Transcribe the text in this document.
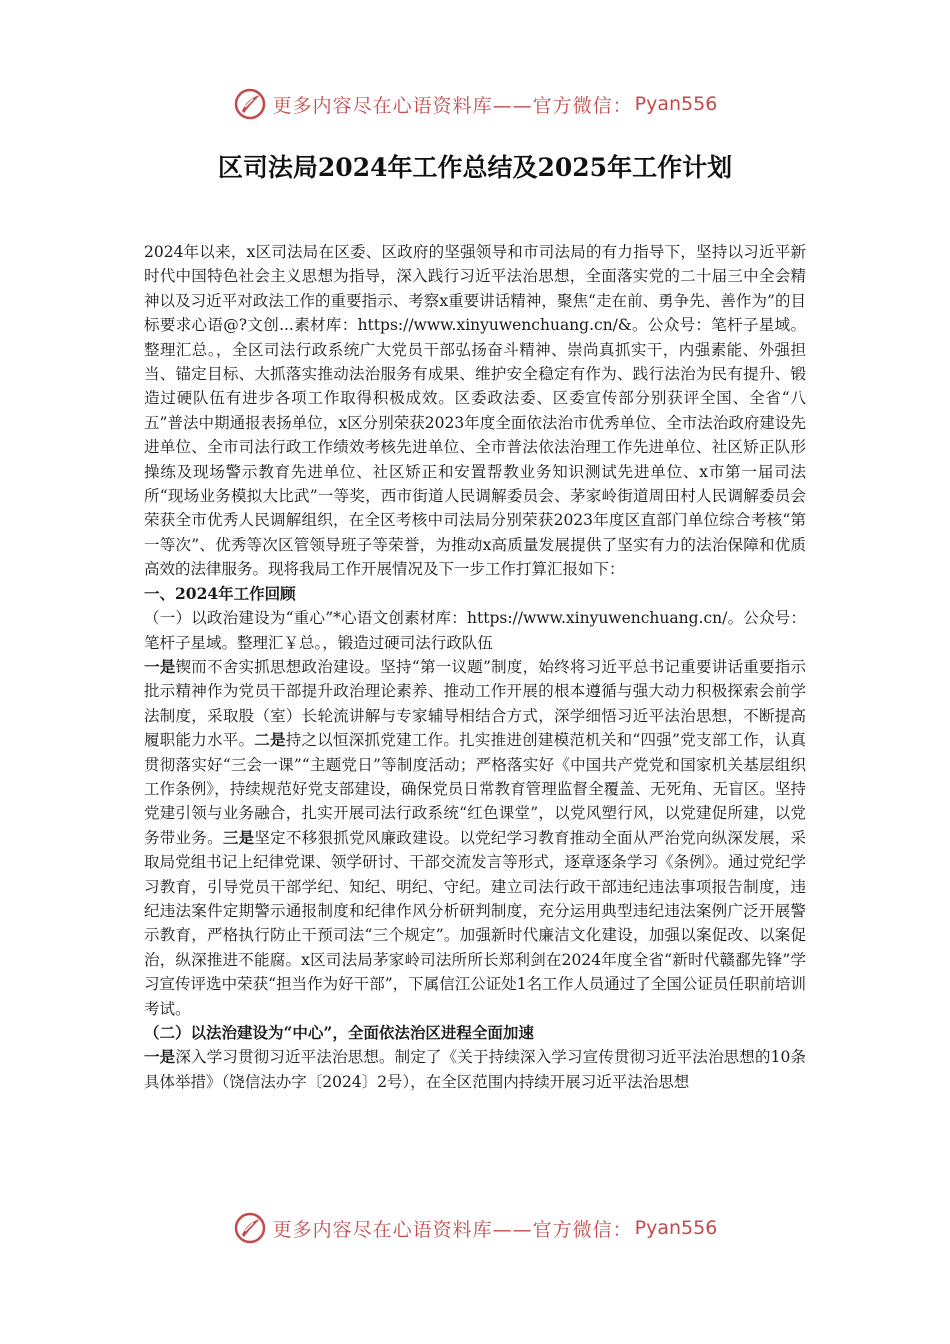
更多内容尽在心语资料库——官方微信： Pyan556
区司法局2024年工作总结及2025年工作计划

2024年以来，x区司法局在区委、区政府的坚强领导和市司法局的有力指导下，坚持以习近平新时代中国特色社会主义思想为指导，深入践行习近平法治思想，全面落实党的二十届三中全会精神以及习近平对政法工作的重要指示、考察x重要讲话精神，聚焦“走在前、勇争先、善作为”的目标要求心语@?文创...素材库：https://www.xinyuwenchuang.cn/&。公众号：笔杆子星域。整理汇总。，全区司法行政系统广大党员干部弘扬奋斗精神、崇尚真抓实干，内强素能、外强担当、锚定目标、大抓落实推动法治服务有成果、维护安全稳定有作为、践行法治为民有提升、锻造过硬队伍有进步各项工作取得积极成效。区委政法委、区委宣传部分别获评全国、全省“八五”普法中期通报表扬单位，x区分别荣获2023年度全面依法治市优秀单位、全市法治政府建设先进单位、全市司法行政工作绩效考核先进单位、全市普法依法治理工作先进单位、社区矫正队形操练及现场警示教育先进单位、社区矫正和安置帮教业务知识测试先进单位、x市第一届司法所“现场业务模拟大比武”一等奖，西市街道人民调解委员会、茅家岭街道周田村人民调解委员会荣获全市优秀人民调解组织，在全区考核中司法局分别荣获2023年度区直部门单位综合考核“第一等次”、优秀等次区管领导班子等荣誉，为推动x高质量发展提供了坚实有力的法治保障和优质高效的法律服务。现将我局工作开展情况及下一步工作打算汇报如下：

一、2024年工作回顾

（一）以政治建设为“重心”*心语文创素材库：https://www.xinyuwenchuang.cn/。公众号：笔杆子星域。整理汇￥总。，锻造过硬司法行政队伍

一是锲而不舍实抓思想政治建设。坚持“第一议题”制度，始终将习近平总书记重要讲话重要指示批示精神作为党员干部提升政治理论素养、推动工作开展的根本遵循与强大动力积极探索会前学法制度，采取股（室）长轮流讲解与专家辅导相结合方式，深学细悟习近平法治思想，不断提高履职能力水平。二是持之以恒深抓党建工作。扎实推进创建模范机关和“四强”党支部工作，认真贯彻落实好“三会一课”“主题党日”等制度活动；严格落实好《中国共产党党和国家机关基层组织工作条例》，持续规范好党支部建设，确保党员日常教育管理监督全覆盖、无死角、无盲区。坚持党建引领与业务融合，扎实开展司法行政系统“红色课堂”，以党风塑行风，以党建促所建，以党务带业务。三是坚定不移狠抓党风廉政建设。以党纪学习教育推动全面从严治党向纵深发展，采取局党组书记上纪律党课、领学研讨、干部交流发言等形式，逐章逐条学习《条例》。通过党纪学习教育，引导党员干部学纪、知纪、明纪、守纪。建立司法行政干部违纪违法事项报告制度，违纪违法案件定期警示通报制度和纪律作风分析研判制度，充分运用典型违纪违法案例广泛开展警示教育，严格执行防止干预司法“三个规定”。加强新时代廉洁文化建设，加强以案促改、以案促治，纵深推进不能腐。x区司法局茅家岭司法所所长郑利剑在2024年度全省“新时代赣鄱先锋”学习宣传评选中荣获“担当作为好干部”，下属信江公证处1名工作人员通过了全国公证员任职前培训考试。

（二）以法治建设为“中心”，全面依法治区进程全面加速

一是深入学习贯彻习近平法治思想。制定了《关于持续深入学习宣传贯彻习近平法治思想的10条具体举措》（饶信法办字〔2024〕2号），在全区范围内持续开展习近平法治思想

更多内容尽在心语资料库——官方微信： Pyan556
